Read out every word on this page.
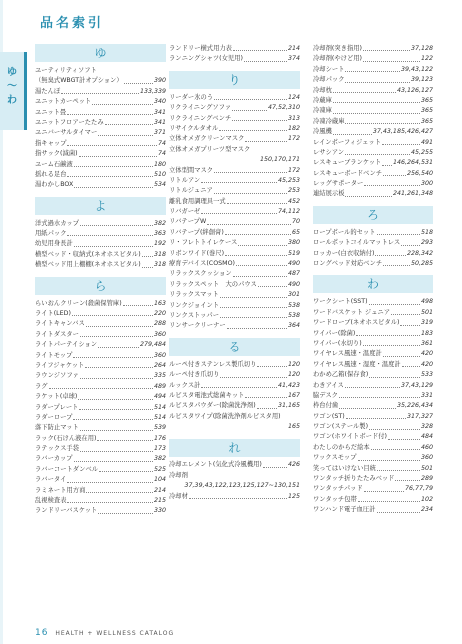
品名索引
ゆ
〜
わ
ゆ
ユーティリティソフト
（無臭式WBGT計オプション）	390
湯たんぽ	133,339
ユニットカーペット	340
ユニット畳	341
ユニットフロアーたたみ	341
ユニバーサルタイマー	371
指キャップ	74
指サック(減菌)	74
ユーム石鹸液	180
揺れる足台	510
湯わかしBOX	534
よ
洋式過水カップ	382
用紙パック	363
幼児用身長計	192
横型ベッド・収納式(ネオホスピタル) 318
横型ベッド用上棚棚(ネオホスピタル) 318
ら
らいおんクリーン(殺菌保管庫)	163
ライト(LED)	220
ライトキャンバス	288
ライトダスター	360
ライトパーテイション	279,484
ライトモップ	360
ライフジャケット	264
ラウンジソファ	335
ラグ	489
ラケット(卓球)	494
ラダープレート	514
ラダーロープ	514
落下防止マット	539
ラック(石けん液在用)	176
ラテックス手袋	173
ラバーカップ	382
ラバーコートダンベル	525
ラバータイ	104
ラミネート用方商	214
乱視検査表	215
ランドリーバスケット	330
ランドリー横式用力表	214
ランニングシャツ(女児用)	374
り
リーダー氷のう	124
リクライニングソファ	47,52,310
リクライニングベンチ	313
リサイクルタオル	182
立体オメガクリーンマスク	172
立体オメガプリーツ型マスク
150,170,171
立体型間マスク	172
リトルアン	45,253
リトルジュニア	253
離乳食用調理具一式	452
リバガーゼ	74,112
リバテープW	70
リバテープ(絆創膏)	65
リ・フレトトイレケース	380
リボンワイド(巻尺)	519
療育デバイス(COSMO)	490
リラックスクッション	487
リラックスペット　大のパウス	490
リラックスマット	301
リンクジョイント	538
リンクストッパー	538
リンサークリーナー	364
る
ルーペ付きステンレス製爪切り	120
ルーペ付き爪切り	120
ルックス計	41,423
ルピスタ電池式総菌キット	167
ルピスタパウダー(除菌洗浄剤)	31,165
ルピスタワイプ(除菌洗浄剤ルピスタ用)
165
れ
冷却エレメント(気化式冷風機用)	426
冷却剤
37,39,43,122,123,125,127~130,151
冷却材	125
冷却剤(突き指用)	37,128
冷却剤(やけど用)	122
冷却シート	39,43,122
冷却パック	39,123
冷却枕	43,126,127
冷蔵庫	365
冷凍庫	365
冷凍冷蔵庫	365
冷風機	37,43,185,426,427
レインボーフィジェット	491
レサシアン	45,255
レスキューブランケット 146,264,531
レスキューボードベンチ	256,540
レッグサポーター	300
連結展示板	241,261,348
ろ
ロープボール的セット	518
ロールボットコイルマットレス	293
ロッカー(白衣収納付)	228,342
ロングベッド対応ベンチ	50,285
わ
ワークシート(SST)	498
ワードバスケット ジュニア	501
ワードローブ(ネオホスピタル)	319
ワイパー(除菌)	183
ワイパー(水切り)	361
ワイヤレス風速・温度計	420
ワイヤレス風速・湿度・温度計	420
わかめ乙箱(保存食)	533
わきアイス	37,43,129
脇デスク	331
枠台付歯	35,226,434
ワゴン(ST)	317,327
ワゴン(ステール製)	328
ワゴン(ホワイトボード付)	484
わたしのからだ絵本	460
ワックスモップ	360
笑ってはいけない目統	501
ワンタッチ折りたたみベッド	289
ワンタッチパッド	76,77,79
ワンタッチ包帯	102
ワンハンド電子血圧計	234
16 HEALTH + WELLNESS CATALOG
